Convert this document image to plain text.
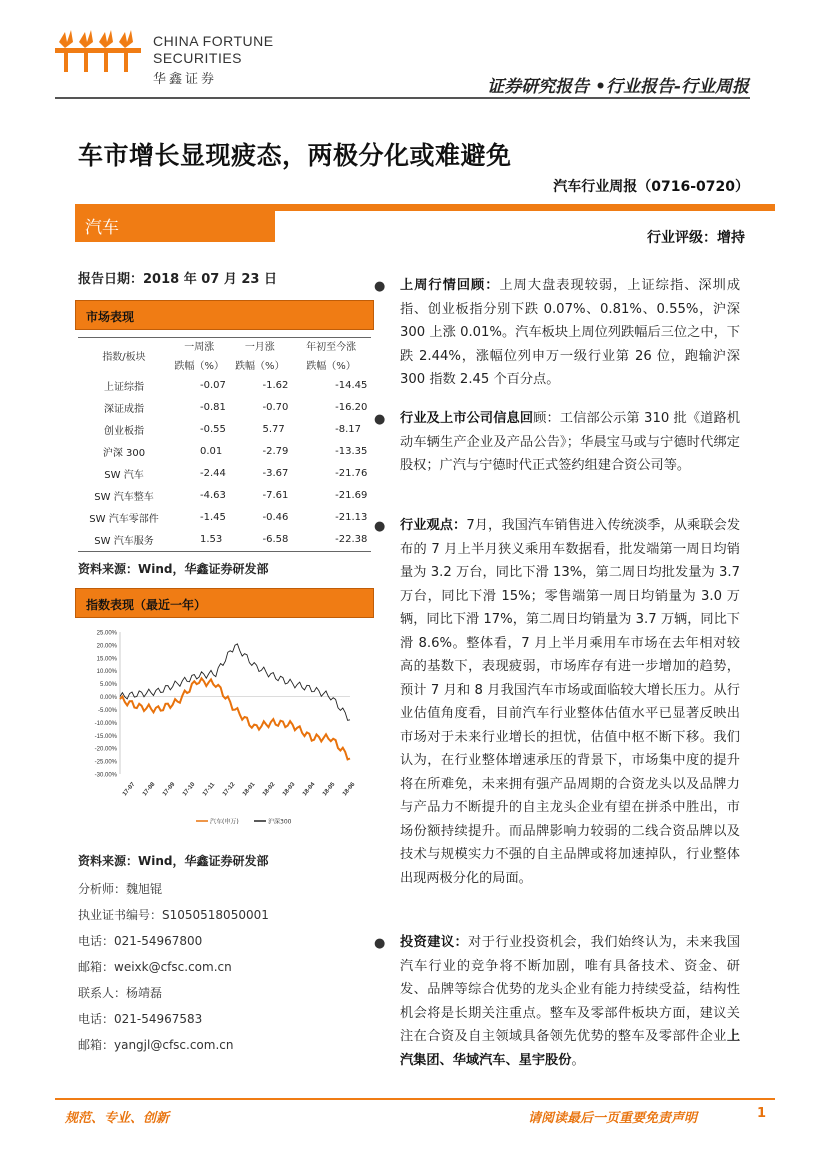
CHINA FORTUNE
SECURITIES
华鑫证券	证券研究报告 •行业报告-行业周报
车市增长显现疲态，两极分化或难避免
汽车行业周报（0716-0720）
汽车	行业评级：增持
报告日期：2018 年 07 月 23 日
市场表现
指数/板块	一周涨	一月涨	年初至今涨
	跌幅（%）	跌幅（%）	跌幅（%）
上证综指	-0.07	-1.62	-14.45
深证成指	-0.81	-0.70	-16.20
创业板指	-0.55	5.77	-8.17
沪深 300	0.01	-2.79	-13.35
SW 汽车	-2.44	-3.67	-21.76
SW 汽车整车	-4.63	-7.61	-21.69
SW 汽车零部件	-1.45	-0.46	-21.13
SW 汽车服务	1.53	-6.58	-22.38
资料来源：Wind，华鑫证券研发部
指数表现（最近一年）
25.00%
20.00%
15.00%
10.00%
5.00%
0.00%
-5.00%
-10.00%
-15.00%
-20.00%
-25.00%
-30.00%
17-07 17-08 17-09 17-10 17-11 17-12 18-01 18-02 18-03 18-04 18-05 18-06
汽车(申万)	沪深300
资料来源：Wind，华鑫证券研发部
分析师：魏旭锟
执业证书编号：S1050518050001
电话：021-54967800
邮箱：weixk@cfsc.com.cn
联系人：杨靖磊
电话：021-54967583
邮箱：yangjl@cfsc.com.cn
● 上周行情回顾：上周大盘表现较弱，上证综指、深圳成指、创业板指分别下跌 0.07%、0.81%、0.55%，沪深 300 上涨 0.01%。汽车板块上周位列跌幅后三位之中，下跌 2.44%，涨幅位列申万一级行业第 26 位，跑输沪深 300 指数 2.45 个百分点。
● 行业及上市公司信息回顾：工信部公示第 310 批《道路机动车辆生产企业及产品公告》；华晨宝马或与宁德时代绑定股权；广汽与宁德时代正式签约组建合资公司等。
● 行业观点：7月，我国汽车销售进入传统淡季，从乘联会发布的 7 月上半月狭义乘用车数据看，批发端第一周日均销量为 3.2 万台，同比下滑 13%，第二周日均批发量为 3.7 万台，同比下滑 15%；零售端第一周日均销量为 3.0 万辆，同比下滑 17%，第二周日均销量为 3.7 万辆，同比下滑 8.6%。整体看，7 月上半月乘用车市场在去年相对较高的基数下，表现疲弱，市场库存有进一步增加的趋势，预计 7 月和 8 月我国汽车市场或面临较大增长压力。从行业估值角度看，目前汽车行业整体估值水平已显著反映出市场对于未来行业增长的担忧，估值中枢不断下移。我们认为，在行业整体增速承压的背景下，市场集中度的提升将在所难免，未来拥有强产品周期的合资龙头以及品牌力与产品力不断提升的自主龙头企业有望在拼杀中胜出，市场份额持续提升。而品牌影响力较弱的二线合资品牌以及技术与规模实力不强的自主品牌或将加速掉队，行业整体出现两极分化的局面。
● 投资建议：对于行业投资机会，我们始终认为，未来我国汽车行业的竞争将不断加剧，唯有具备技术、资金、研发、品牌等综合优势的龙头企业有能力持续受益，结构性机会将是长期关注重点。整车及零部件板块方面，建议关注在合资及自主领域具备领先优势的整车及零部件企业上汽集团、华域汽车、星宇股份。
规范、专业、创新	请阅读最后一页重要免责声明	1
